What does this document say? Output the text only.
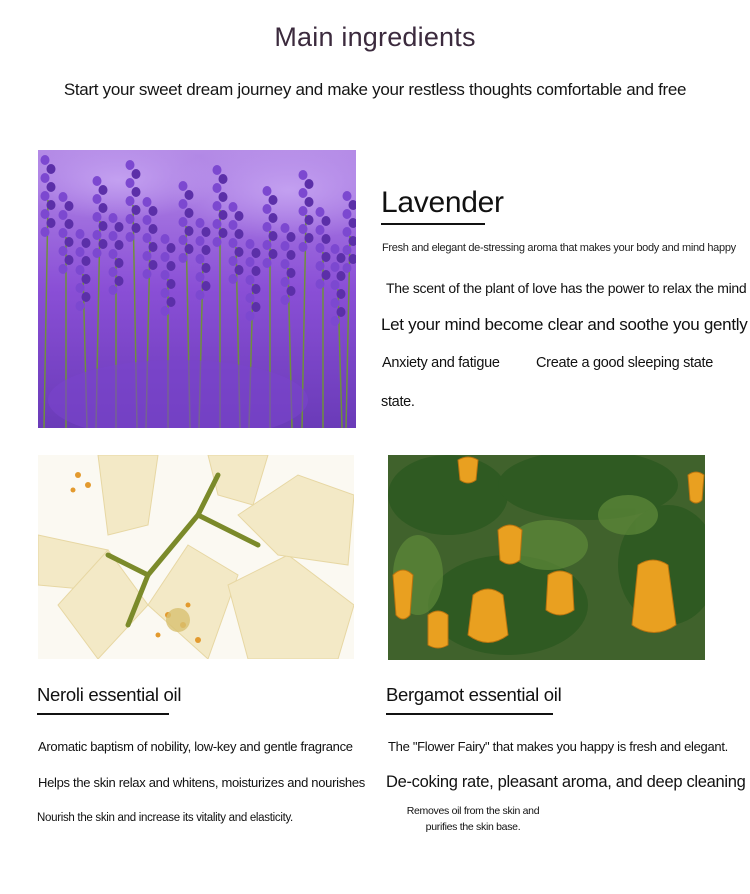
Main ingredients
Start your sweet dream journey and make your restless thoughts comfortable and free
Lavender
Fresh and elegant de-stressing aroma that makes your body and mind happy
The scent of the plant of love has the power to relax the mind
Let your mind become clear and soothe you gently
Anxiety and fatigue	Create a good sleeping state
state.
Neroli essential oil
Aromatic baptism of nobility, low-key and gentle fragrance
Helps the skin relax and whitens, moisturizes and nourishes
Nourish the skin and increase its vitality and elasticity.
Bergamot essential oil
The "Flower Fairy" that makes you happy is fresh and elegant.
De-coking rate, pleasant aroma, and deep cleaning
Removes oil from the skin and
purifies the skin base.
